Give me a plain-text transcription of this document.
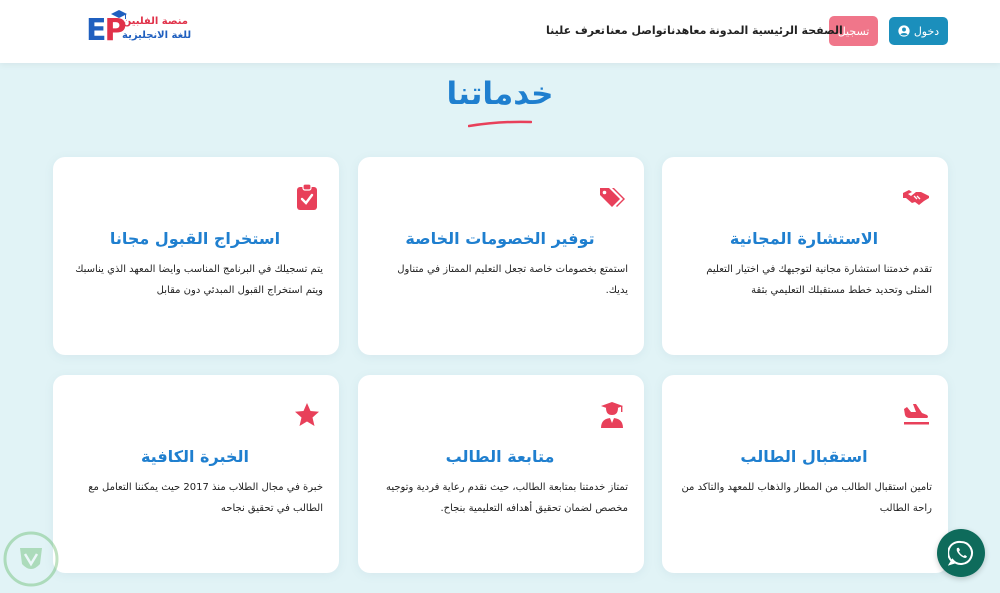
دخول
تسجيل
الصفحة الرئيسية
المدونة
معاهدنا
تواصل معنا
تعرف علينا
EP
منصة الفلبين
للغة الانجليزية
خدماتنا
الاستشارة المجانية
تقدم خدمتنا استشارة مجانية لتوجيهك في اختيار التعليم المثلى وتحديد خطط مستقبلك التعليمي بثقة
توفير الخصومات الخاصة
استمتع بخصومات خاصة تجعل التعليم الممتاز في متناول يديك.
استخراج القبول مجانا
يتم تسجيلك في البرنامج المناسب وايضا المعهد الذي يناسبك ويتم استخراج القبول المبدئي دون مقابل
استقبال الطالب
تامين استقبال الطالب من المطار والذهاب للمعهد والتاكد من راحة الطالب
متابعة الطالب
تمتاز خدمتنا بمتابعة الطالب، حيث نقدم رعاية فردية وتوجيه مخصص لضمان تحقيق أهدافه التعليمية بنجاح.
الخبرة الكافية
خبرة في مجال الطلاب منذ 2017 حيث يمكننا التعامل مع الطالب في تحقيق نجاحه
